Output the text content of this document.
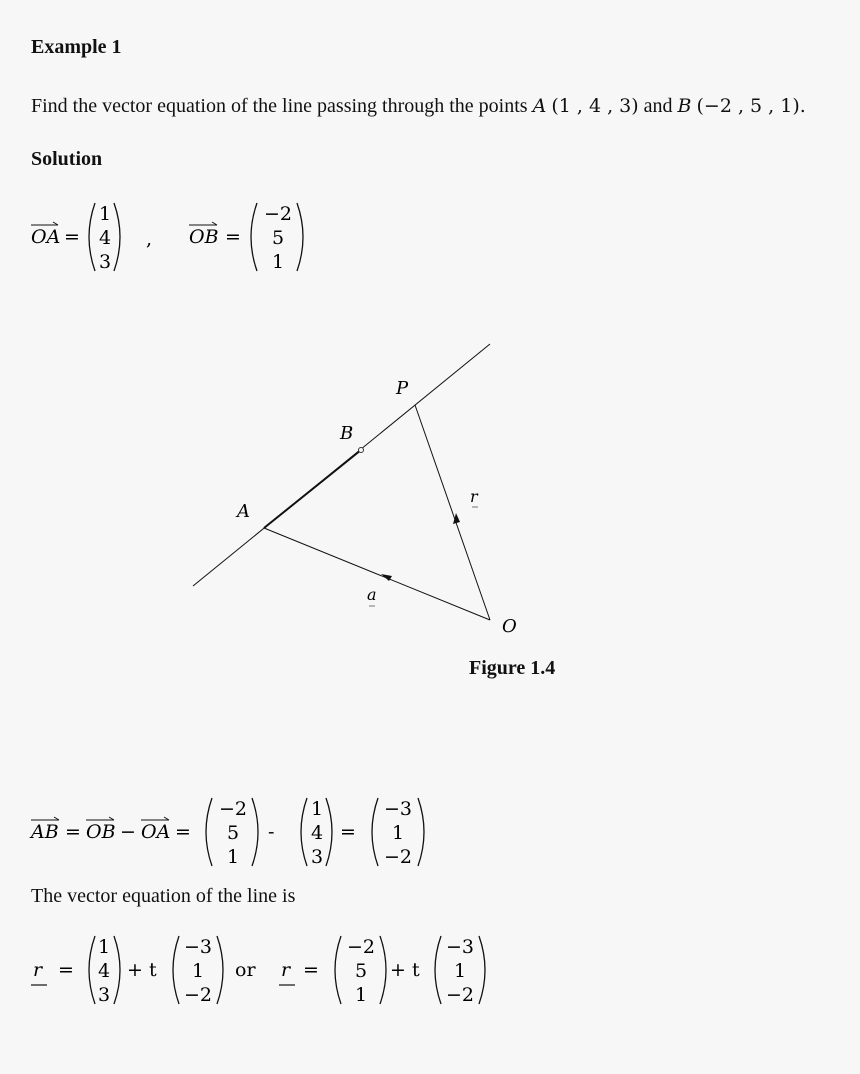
Example 1
Find the vector equation of the line passing through the points A (1 , 4 , 3) and B (−2 , 5 , 1).
Solution
OA =
1
4
3
, OB =
−2
5
1
P
B
A
r
a
O
Figure 1.4
AB = OB − OA =
−2
5
1
-
1
4
3
=
−3
1
−2
The vector equation of the line is
r =
1
4
3
+ t
−3
1
−2
or r =
−2
5
1
+ t
−3
1
−2
